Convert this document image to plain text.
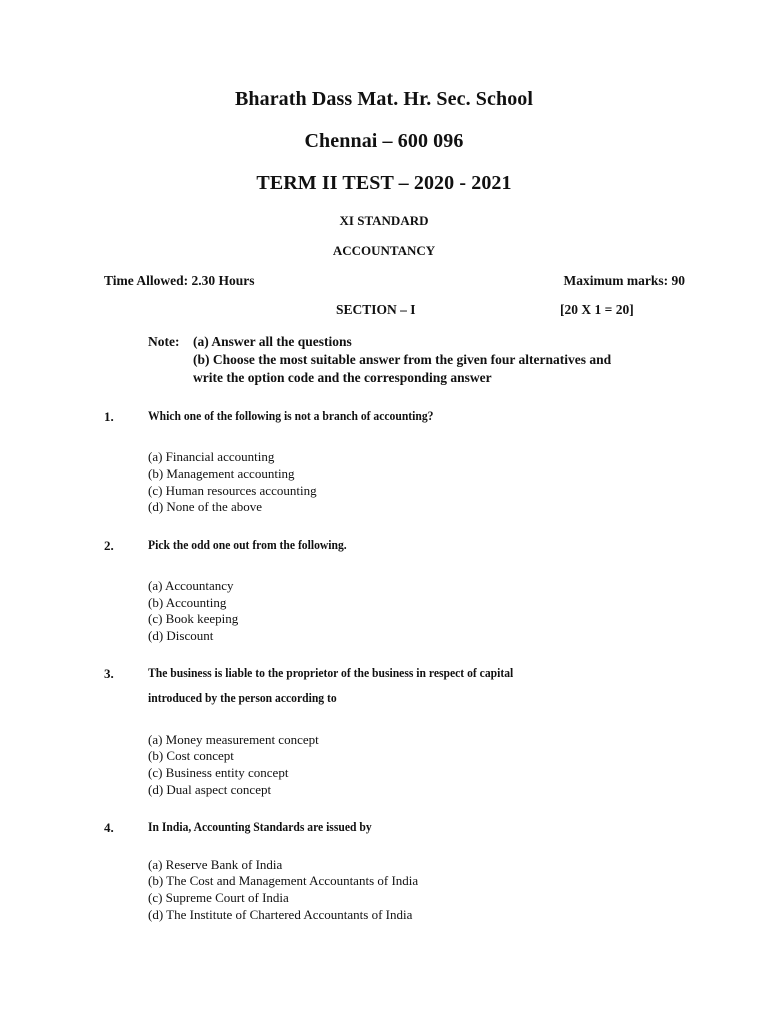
Bharath Dass Mat. Hr. Sec. School
Chennai – 600 096
TERM II TEST – 2020 - 2021
XI STANDARD
ACCOUNTANCY
Time Allowed: 2.30 Hours	Maximum marks: 90
SECTION – I	[20 X 1 = 20]
Note: (a) Answer all the questions
(b) Choose the most suitable answer from the given four alternatives and
write the option code and the corresponding answer
1.	Which one of the following is not a branch of accounting?
(a) Financial accounting
(b) Management accounting
(c) Human resources accounting
(d) None of the above
2.	Pick the odd one out from the following.
(a) Accountancy
(b) Accounting
(c) Book keeping
(d) Discount
3.	The business is liable to the proprietor of the business in respect of capital
introduced by the person according to
(a) Money measurement concept
(b) Cost concept
(c) Business entity concept
(d) Dual aspect concept
4.	In India, Accounting Standards are issued by
(a) Reserve Bank of India
(b) The Cost and Management Accountants of India
(c) Supreme Court of India
(d) The Institute of Chartered Accountants of India
